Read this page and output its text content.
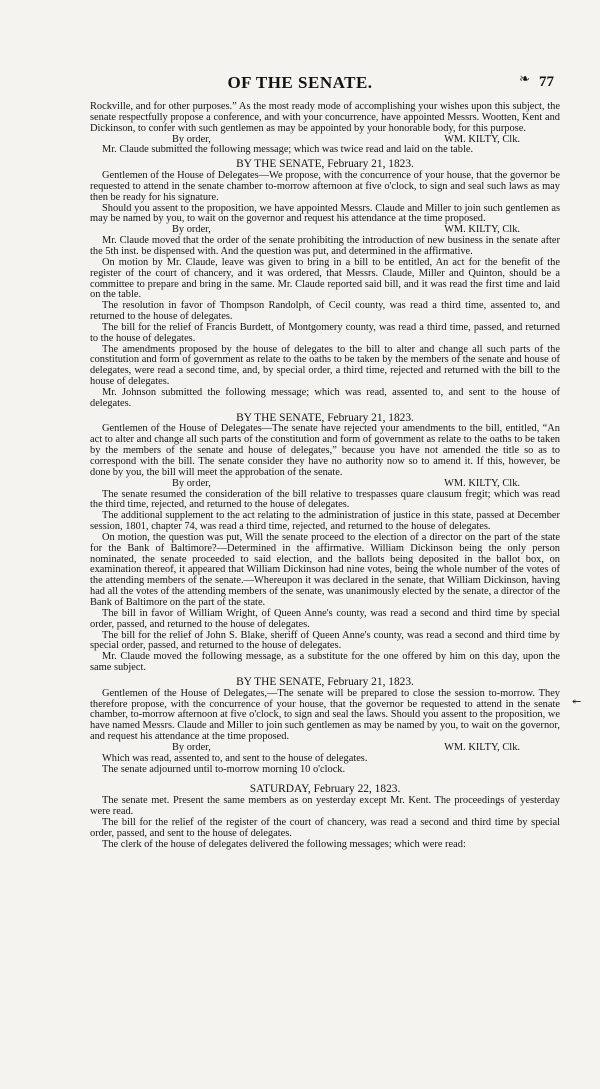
OF THE SENATE.	❧ 77
↞

Rockville, and for other purposes.” As the most ready mode of accomplishing your wishes upon this subject, the senate respectfully propose a conference, and with your concurrence, have appointed Messrs. Wootten, Kent and Dickinson, to confer with such gentlemen as may be appointed by your honorable body, for this purpose.

By order,	WM. KILTY, Clk.

Mr. Claude submitted the following message; which was twice read and laid on the table.

BY THE SENATE, February 21, 1823.

Gentlemen of the House of Delegates—We propose, with the concurrence of your house, that the governor be requested to attend in the senate chamber to-morrow afternoon at five o'clock, to sign and seal such laws as may then be ready for his signature.

Should you assent to the proposition, we have appointed Messrs. Claude and Miller to join such gentlemen as may be named by you, to wait on the governor and request his attendance at the time proposed.

By order,	WM. KILTY, Clk.

Mr. Claude moved that the order of the senate prohibiting the introduction of new business in the senate after the 5th inst. be dispensed with. And the question was put, and determined in the affirmative.

On motion by Mr. Claude, leave was given to bring in a bill to be entitled, An act for the benefit of the register of the court of chancery, and it was ordered, that Messrs. Claude, Miller and Quinton, should be a committee to prepare and bring in the same. Mr. Claude reported said bill, and it was read the first time and laid on the table.

The resolution in favor of Thompson Randolph, of Cecil county, was read a third time, assented to, and returned to the house of delegates.

The bill for the relief of Francis Burdett, of Montgomery county, was read a third time, passed, and returned to the house of delegates.

The amendments proposed by the house of delegates to the bill to alter and change all such parts of the constitution and form of government as relate to the oaths to be taken by the members of the senate and house of delegates, were read a second time, and, by special order, a third time, rejected and returned with the bill to the house of delegates.

Mr. Johnson submitted the following message; which was read, assented to, and sent to the house of delegates.

BY THE SENATE, February 21, 1823.

Gentlemen of the House of Delegates—The senate have rejected your amendments to the bill, entitled, “An act to alter and change all such parts of the constitution and form of government as relate to the oaths to be taken by the members of the senate and house of delegates,” because you have not amended the title so as to correspond with the bill. The senate consider they have no authority now so to amend it. If this, however, be done by you, the bill will meet the approbation of the senate.

By order,	WM. KILTY, Clk.

The senate resumed the consideration of the bill relative to trespasses quare clausum fregit; which was read the third time, rejected, and returned to the house of delegates.

The additional supplement to the act relating to the administration of justice in this state, passed at December session, 1801, chapter 74, was read a third time, rejected, and returned to the house of delegates.

On motion, the question was put, Will the senate proceed to the election of a director on the part of the state for the Bank of Baltimore?—Determined in the affirmative. William Dickinson being the only person nominated, the senate proceeded to said election, and the ballots being deposited in the ballot box, on examination thereof, it appeared that William Dickinson had nine votes, being the whole number of the votes of the attending members of the senate.—Whereupon it was declared in the senate, that William Dickinson, having had all the votes of the attending members of the senate, was unanimously elected by the senate, a director of the Bank of Baltimore on the part of the state.

The bill in favor of William Wright, of Queen Anne's county, was read a second and third time by special order, passed, and returned to the house of delegates.

The bill for the relief of John S. Blake, sheriff of Queen Anne's county, was read a second and third time by special order, passed, and returned to the house of delegates.

Mr. Claude moved the following message, as a substitute for the one offered by him on this day, upon the same subject.

BY THE SENATE, February 21, 1823.

Gentlemen of the House of Delegates,—The senate will be prepared to close the session to-morrow. They therefore propose, with the concurrence of your house, that the governor be requested to attend in the senate chamber, to-morrow afternoon at five o'clock, to sign and seal the laws. Should you assent to the proposition, we have named Messrs. Claude and Miller to join such gentlemen as may be named by you, to wait on the governor, and request his attendance at the time proposed.

By order,	WM. KILTY, Clk.

Which was read, assented to, and sent to the house of delegates.

The senate adjourned until to-morrow morning 10 o'clock.

SATURDAY, February 22, 1823.

The senate met. Present the same members as on yesterday except Mr. Kent. The proceedings of yesterday were read.

The bill for the relief of the register of the court of chancery, was read a second and third time by special order, passed, and sent to the house of delegates.

The clerk of the house of delegates delivered the following messages; which were read:
